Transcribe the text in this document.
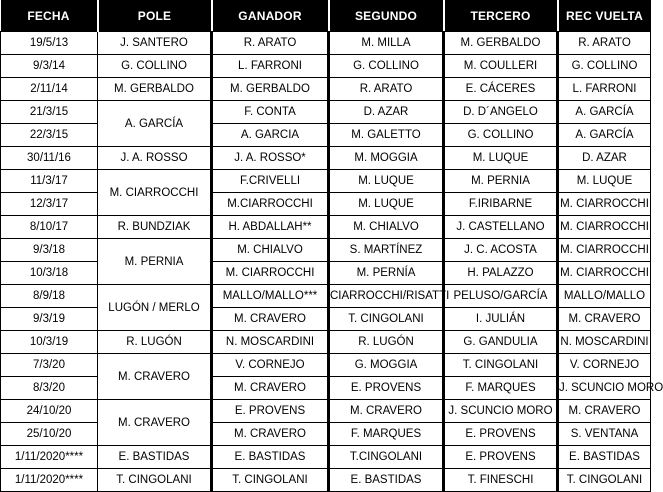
FECHA	POLE	GANADOR	SEGUNDO	TERCERO	REC VUELTA
19/5/13	J. SANTERO	R. ARATO	M. MILLA	M. GERBALDO	R. ARATO
9/3/14	G. COLLINO	L. FARRONI	G. COLLINO	M. COULLERI	G. COLLINO
2/11/14	M. GERBALDO	M. GERBALDO	R. ARATO	E. CÁCERES	L. FARRONI
21/3/15	A. GARCÍA	F. CONTA	D. AZAR	D. D´ANGELO	A. GARCÍA
22/3/15		A. GARCIA	M. GALETTO	G. COLLINO	A. GARCÍA
30/11/16	J. A. ROSSO	J. A. ROSSO*	M. MOGGIA	M. LUQUE	D. AZAR
11/3/17	M. CIARROCCHI	F.CRIVELLI	M. LUQUE	M. PERNIA	M. LUQUE
12/3/17		M.CIARROCCHI	M. LUQUE	F.IRIBARNE	M. CIARROCCHI
8/10/17	R. BUNDZIAK	H. ABDALLAH**	M. CHIALVO	J. CASTELLANO	M. CIARROCCHI
9/3/18	M. PERNIA	M. CHIALVO	S. MARTÍNEZ	J. C. ACOSTA	M. CIARROCCHI
10/3/18		M. CIARROCCHI	M. PERNÍA	H. PALAZZO	M. CIARROCCHI
8/9/18	LUGÓN / MERLO	MALLO/MALLO***	CIARROCCHI/RISATTI	PELUSO/GARCÍA	MALLO/MALLO
9/3/19		M. CRAVERO	T. CINGOLANI	I. JULIÁN	M. CRAVERO
10/3/19	R. LUGÓN	N. MOSCARDINI	R. LUGÓN	G. GANDULIA	N. MOSCARDINI
7/3/20	M. CRAVERO	V. CORNEJO	G. MOGGIA	T. CINGOLANI	V. CORNEJO
8/3/20		M. CRAVERO	E. PROVENS	F. MARQUES	J. SCUNCIO MORO
24/10/20	M. CRAVERO	E. PROVENS	M. CRAVERO	J. SCUNCIO MORO	M. CRAVERO
25/10/20		M. CRAVERO	F. MARQUES	E. PROVENS	S. VENTANA
1/11/2020****	E. BASTIDAS	E. BASTIDAS	T.CINGOLANI	E. PROVENS	E. BASTIDAS
1/11/2020****	T. CINGOLANI	T. CINGOLANI	E. BASTIDAS	T. FINESCHI	T. CINGOLANI
